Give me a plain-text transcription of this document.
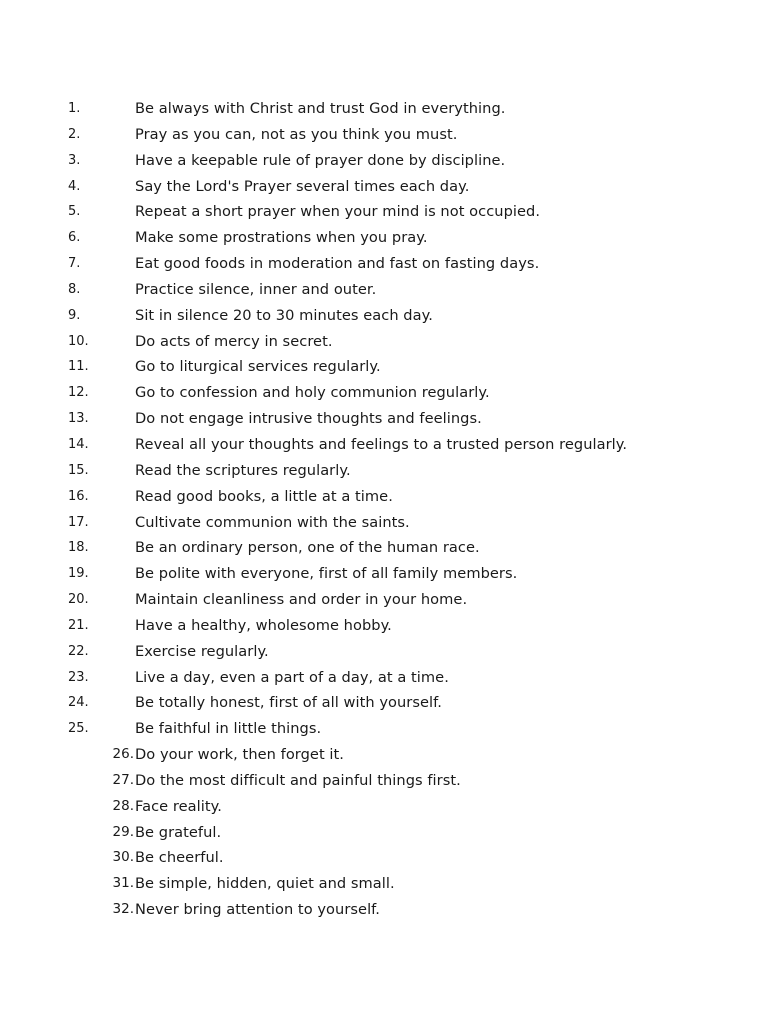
1.	Be always with Christ and trust God in everything.
2.	Pray as you can, not as you think you must.
3.	Have a keepable rule of prayer done by discipline.
4.	Say the Lord's Prayer several times each day.
5.	Repeat a short prayer when your mind is not occupied.
6.	Make some prostrations when you pray.
7.	Eat good foods in moderation and fast on fasting days.
8.	Practice silence, inner and outer.
9.	Sit in silence 20 to 30 minutes each day.
10.	Do acts of mercy in secret.
11.	Go to liturgical services regularly.
12.	Go to confession and holy communion regularly.
13.	Do not engage intrusive thoughts and feelings.
14.	Reveal all your thoughts and feelings to a trusted person regularly.
15.	Read the scriptures regularly.
16.	Read good books, a little at a time.
17.	Cultivate communion with the saints.
18.	Be an ordinary person, one of the human race.
19.	Be polite with everyone, first of all family members.
20.	Maintain cleanliness and order in your home.
21.	Have a healthy, wholesome hobby.
22.	Exercise regularly.
23.	Live a day, even a part of a day, at a time.
24.	Be totally honest, first of all with yourself.
25.	Be faithful in little things.
26. Do your work, then forget it.
27. Do the most difficult and painful things first.
28. Face reality.
29. Be grateful.
30. Be cheerful.
31. Be simple, hidden, quiet and small.
32. Never bring attention to yourself.
